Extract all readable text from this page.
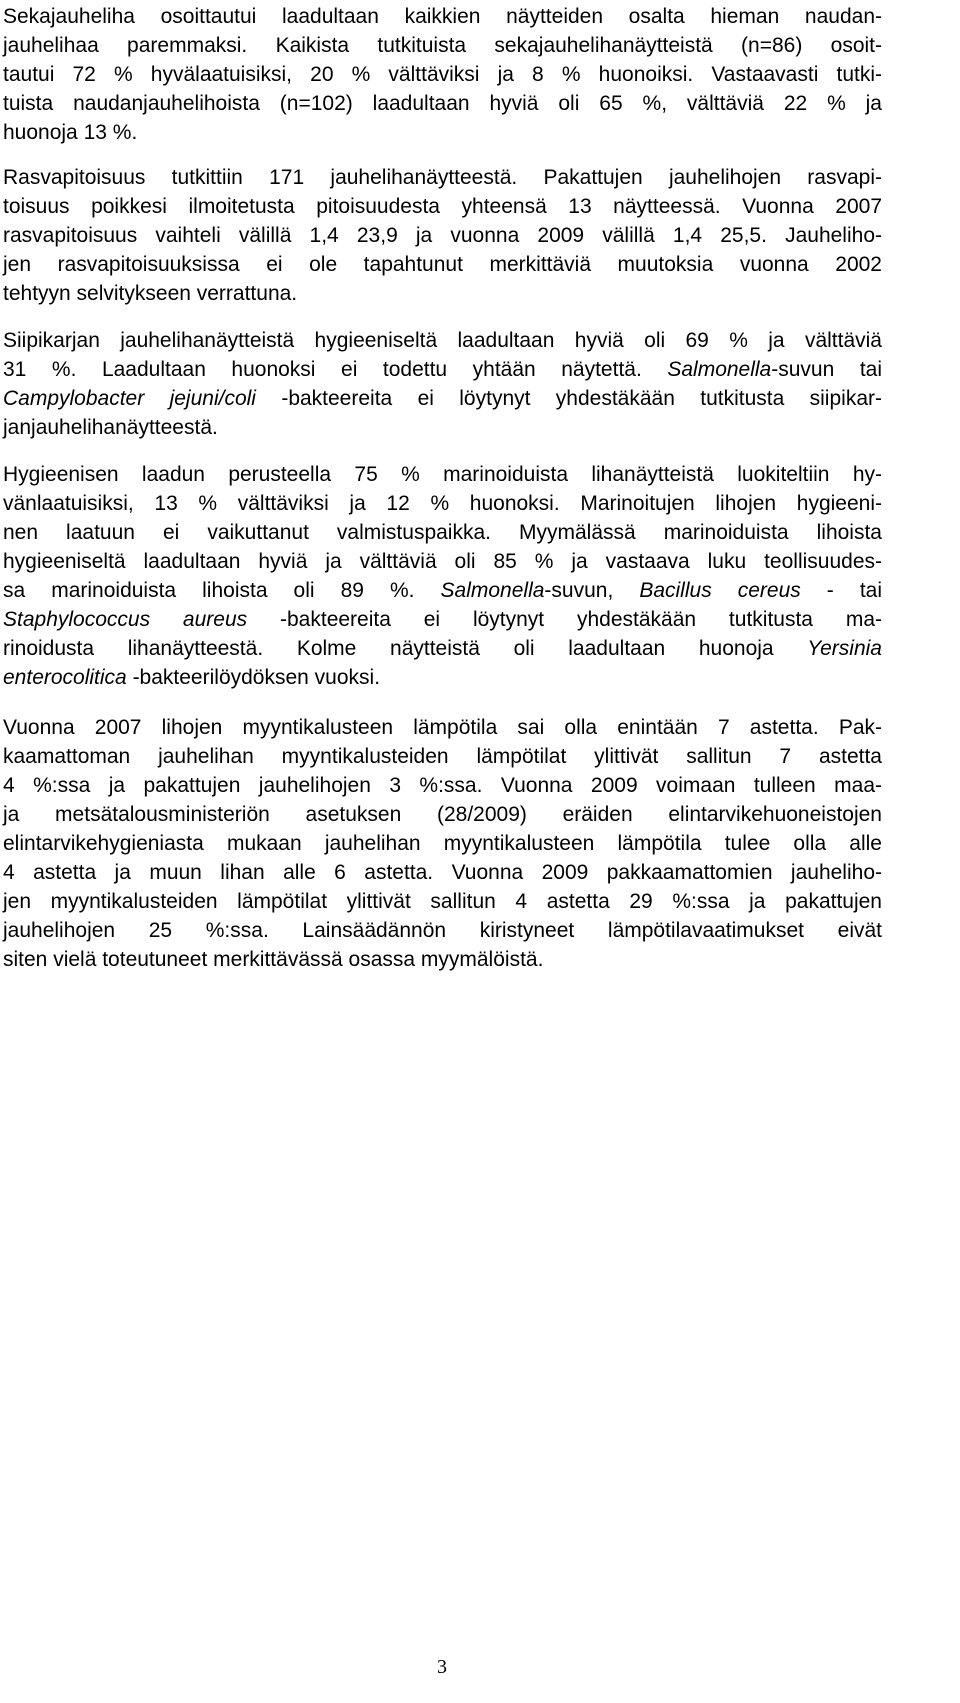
Sekajauheliha osoittautui laadultaan kaikkien näytteiden osalta hieman naudan-
jauhelihaa paremmaksi. Kaikista tutkituista sekajauhelihanäytteistä (n=86) osoit-
tautui 72 % hyvälaatuisiksi, 20 % välttäviksi ja 8 % huonoiksi. Vastaavasti tutki-
tuista naudanjauhelihoista (n=102) laadultaan hyviä oli 65 %, välttäviä 22 % ja
huonoja 13 %.
Rasvapitoisuus tutkittiin 171 jauhelihanäytteestä. Pakattujen jauhelihojen rasvapi-
toisuus poikkesi ilmoitetusta pitoisuudesta yhteensä 13 näytteessä. Vuonna 2007
rasvapitoisuus vaihteli välillä 1,4 23,9 ja vuonna 2009 välillä 1,4 25,5. Jauheliho-
jen rasvapitoisuuksissa ei ole tapahtunut merkittäviä muutoksia vuonna 2002
tehtyyn selvitykseen verrattuna.
Siipikarjan jauhelihanäytteistä hygieeniseltä laadultaan hyviä oli 69 % ja välttäviä
31 %. Laadultaan huonoksi ei todettu yhtään näytettä. Salmonella-suvun tai
Campylobacter jejuni/coli -bakteereita ei löytynyt yhdestäkään tutkitusta siipikar-
janjauhelihanäytteestä.
Hygieenisen laadun perusteella 75 % marinoiduista lihanäytteistä luokiteltiin hy-
vänlaatuisiksi, 13 % välttäviksi ja 12 % huonoksi. Marinoitujen lihojen hygieeni-
nen laatuun ei vaikuttanut valmistuspaikka. Myymälässä marinoiduista lihoista
hygieeniseltä laadultaan hyviä ja välttäviä oli 85 % ja vastaava luku teollisuudes-
sa marinoiduista lihoista oli 89 %. Salmonella-suvun, Bacillus cereus - tai
Staphylococcus aureus -bakteereita ei löytynyt yhdestäkään tutkitusta ma-
rinoidusta lihanäytteestä. Kolme näytteistä oli laadultaan huonoja Yersinia
enterocolitica -bakteerilöydöksen vuoksi.
Vuonna 2007 lihojen myyntikalusteen lämpötila sai olla enintään 7 astetta. Pak-
kaamattoman jauhelihan myyntikalusteiden lämpötilat ylittivät sallitun 7 astetta
4 %:ssa ja pakattujen jauhelihojen 3 %:ssa. Vuonna 2009 voimaan tulleen maa-
ja metsätalousministeriön asetuksen (28/2009) eräiden elintarvikehuoneistojen
elintarvikehygieniasta mukaan jauhelihan myyntikalusteen lämpötila tulee olla alle
4 astetta ja muun lihan alle 6 astetta. Vuonna 2009 pakkaamattomien jauheliho-
jen myyntikalusteiden lämpötilat ylittivät sallitun 4 astetta 29 %:ssa ja pakattujen
jauhelihojen 25 %:ssa. Lainsäädännön kiristyneet lämpötilavaatimukset eivät
siten vielä toteutuneet merkittävässä osassa myymälöistä.
3
